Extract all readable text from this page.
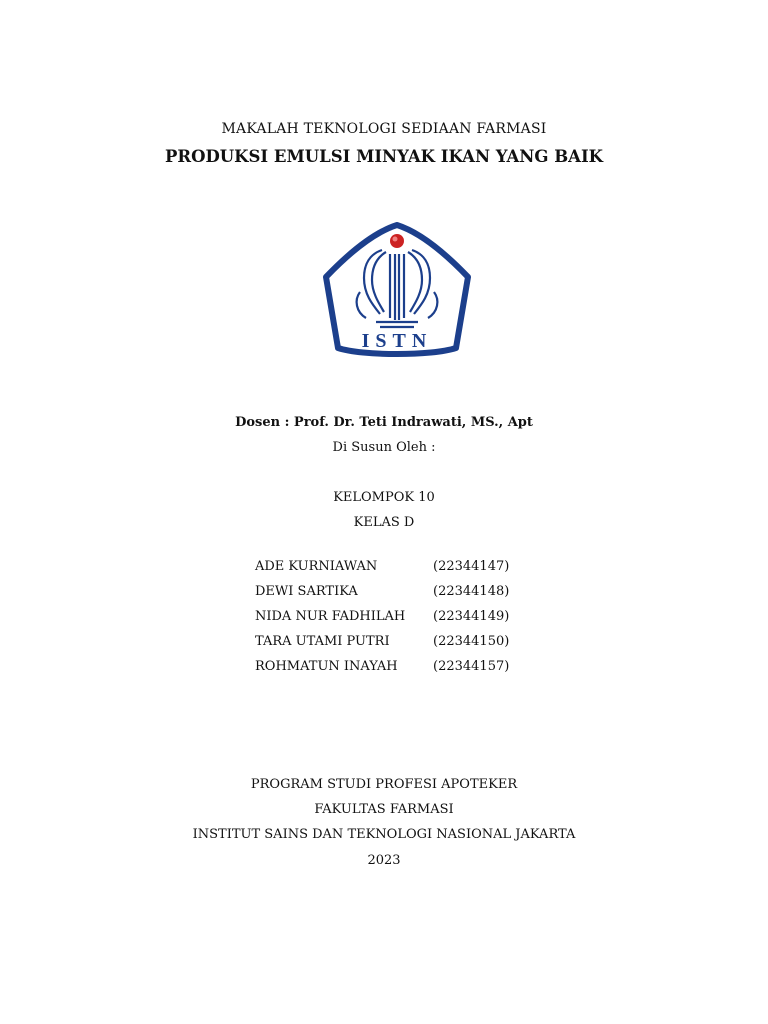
MAKALAH TEKNOLOGI SEDIAAN FARMASI
PRODUKSI EMULSI MINYAK IKAN YANG BAIK
ISTN
Dosen : Prof. Dr. Teti Indrawati, MS., Apt
Di Susun Oleh :
KELOMPOK 10
KELAS D
ADE KURNIAWAN	(22344147)
DEWI SARTIKA	(22344148)
NIDA NUR FADHILAH (22344149)
TARA UTAMI PUTRI	(22344150)
ROHMATUN INAYAH	(22344157)
PROGRAM STUDI PROFESI APOTEKER
FAKULTAS FARMASI
INSTITUT SAINS DAN TEKNOLOGI NASIONAL JAKARTA
2023
